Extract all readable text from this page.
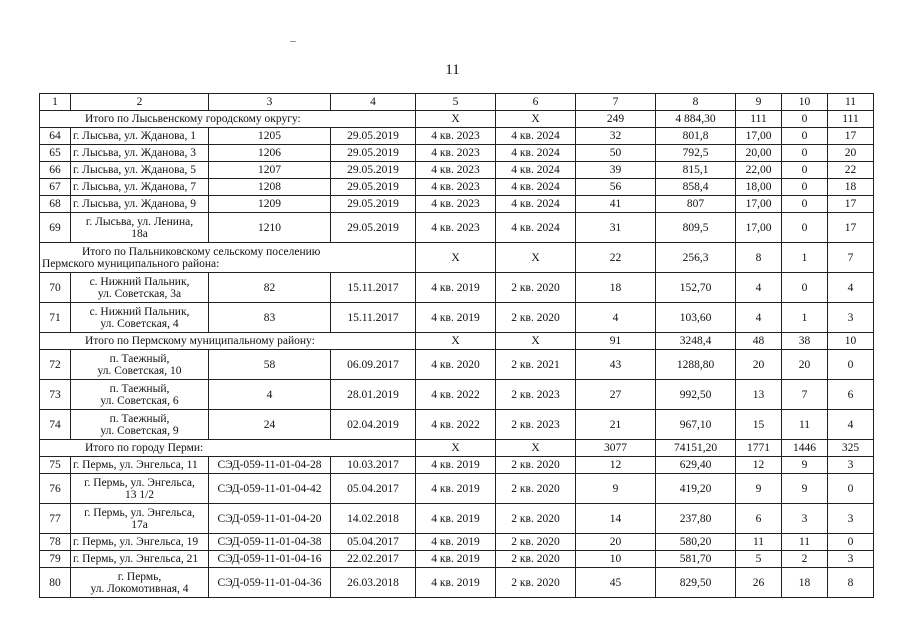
11
1	2	3	4	5	6	7	8	9	10	11
Итого по Лысьвенскому городскому округу:				Х	Х	249	4 884,30	111	0	111
64	г. Лысьва, ул. Жданова, 1	1205	29.05.2019	4 кв. 2023	4 кв. 2024	32	801,8	17,00	0	17
65	г. Лысьва, ул. Жданова, 3	1206	29.05.2019	4 кв. 2023	4 кв. 2024	50	792,5	20,00	0	20
66	г. Лысьва, ул. Жданова, 5	1207	29.05.2019	4 кв. 2023	4 кв. 2024	39	815,1	22,00	0	22
67	г. Лысьва, ул. Жданова, 7	1208	29.05.2019	4 кв. 2023	4 кв. 2024	56	858,4	18,00	0	18
68	г. Лысьва, ул. Жданова, 9	1209	29.05.2019	4 кв. 2023	4 кв. 2024	41	807	17,00	0	17
69	г. Лысьва, ул. Ленина,
18а	1210	29.05.2019	4 кв. 2023	4 кв. 2024	31	809,5	17,00	0	17

Итого по Пальниковскому сельскому поселению
Пермского муниципального района:				Х	Х	22	256,3	8	1	7
70	с. Нижний Пальник,
ул. Советская, 3а	82	15.11.2017	4 кв. 2019	2 кв. 2020	18	152,70	4	0	4
71	с. Нижний Пальник,
ул. Советская, 4	83	15.11.2017	4 кв. 2019	2 кв. 2020	4	103,60	4	1	3
Итого по Пермскому муниципальному району:				Х	Х	91	3248,4	48	38	10
72	п. Таежный,
ул. Советская, 10	58	06.09.2017	4 кв. 2020	2 кв. 2021	43	1288,80	20	20	0
73	п. Таежный,
ул. Советская, 6	4	28.01.2019	4 кв. 2022	2 кв. 2023	27	992,50	13	7	6
74	п. Таежный,
ул. Советская, 9	24	02.04.2019	4 кв. 2022	2 кв. 2023	21	967,10	15	11	4
Итого по городу Перми:				Х	Х	3077	74151,20	1771	1446	325
75	г. Пермь, ул. Энгельса, 11	СЭД-059-11-01-04-28	10.03.2017	4 кв. 2019	2 кв. 2020	12	629,40	12	9	3
76	г. Пермь, ул. Энгельса,
13 1/2	СЭД-059-11-01-04-42	05.04.2017	4 кв. 2019	2 кв. 2020	9	419,20	9	9	0
77	г. Пермь, ул. Энгельса,
17а	СЭД-059-11-01-04-20	14.02.2018	4 кв. 2019	2 кв. 2020	14	237,80	6	3	3
78	г. Пермь, ул. Энгельса, 19	СЭД-059-11-01-04-38	05.04.2017	4 кв. 2019	2 кв. 2020	20	580,20	11	11	0
79	г. Пермь, ул. Энгельса, 21	СЭД-059-11-01-04-16	22.02.2017	4 кв. 2019	2 кв. 2020	10	581,70	5	2	3
80	г. Пермь,
ул. Локомотивная, 4	СЭД-059-11-01-04-36	26.03.2018	4 кв. 2019	2 кв. 2020	45	829,50	26	18	8
